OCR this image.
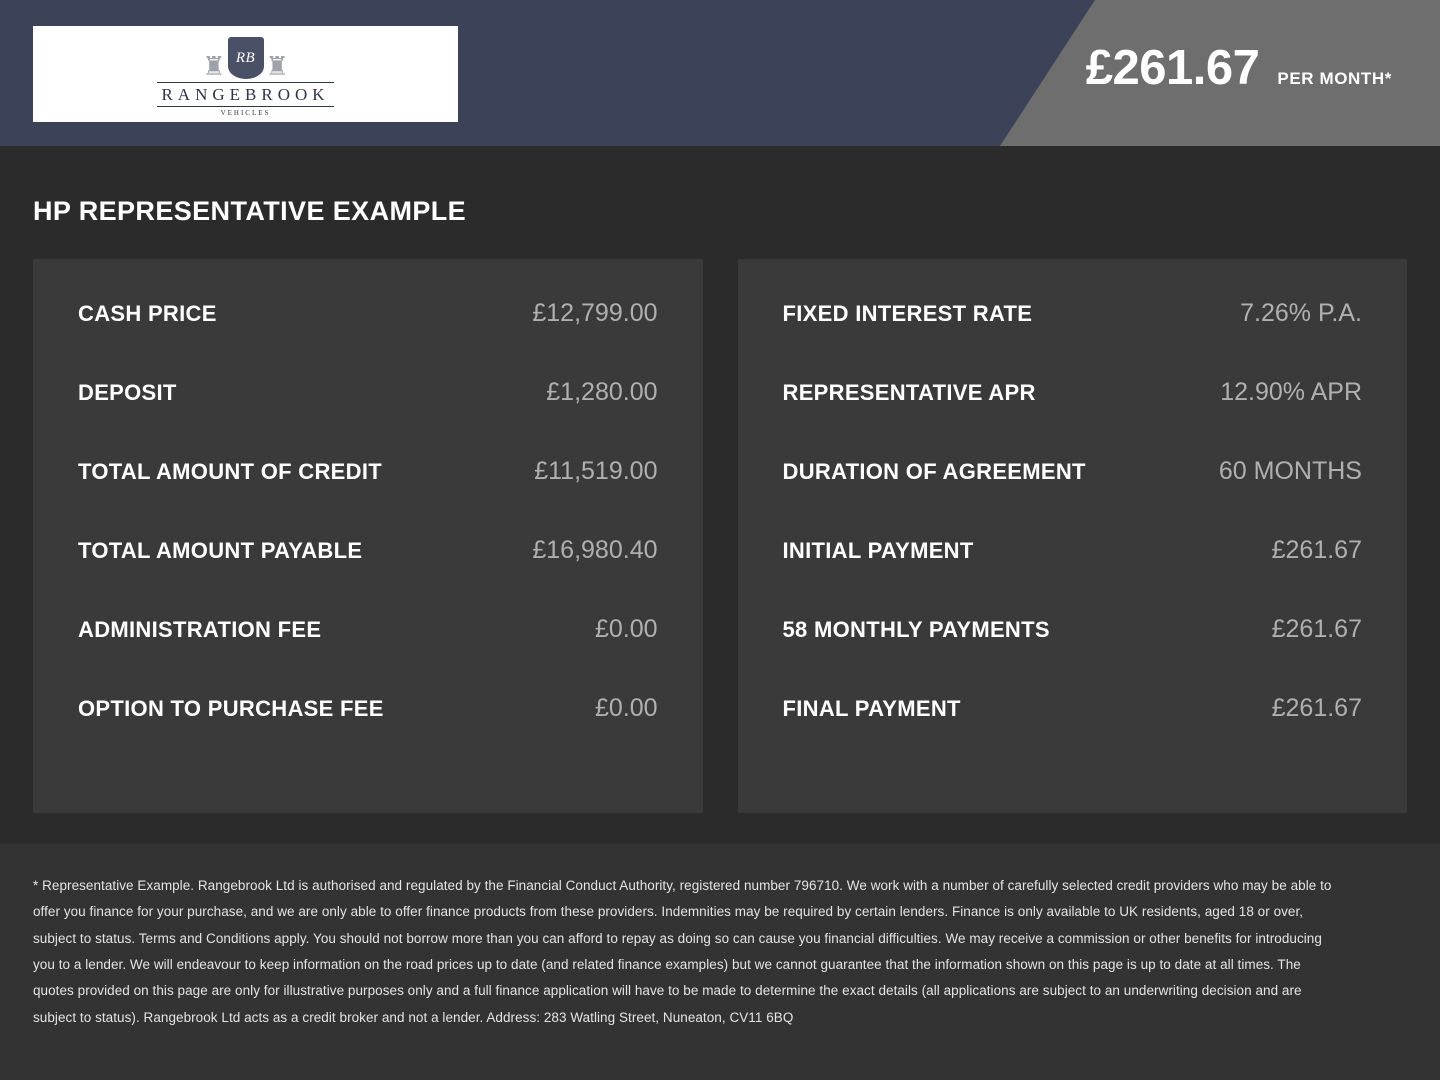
♜ RB ♜
RANGEBROOK
VEHICLES
£261.67 PER MONTH*
HP REPRESENTATIVE EXAMPLE
CASH PRICE	£12,799.00
DEPOSIT	£1,280.00
TOTAL AMOUNT OF CREDIT	£11,519.00
TOTAL AMOUNT PAYABLE	£16,980.40
ADMINISTRATION FEE	£0.00
OPTION TO PURCHASE FEE	£0.00
FIXED INTEREST RATE	7.26% P.A.
REPRESENTATIVE APR	12.90% APR
DURATION OF AGREEMENT	60 MONTHS
INITIAL PAYMENT	£261.67
58 MONTHLY PAYMENTS	£261.67
FINAL PAYMENT	£261.67

* Representative Example. Rangebrook Ltd is authorised and regulated by the Financial Conduct Authority, registered number 796710. We work with a number of carefully selected credit providers who may be able to offer you finance for your purchase, and we are only able to offer finance products from these providers. Indemnities may be required by certain lenders. Finance is only available to UK residents, aged 18 or over, subject to status. Terms and Conditions apply. You should not borrow more than you can afford to repay as doing so can cause you financial difficulties. We may receive a commission or other benefits for introducing you to a lender. We will endeavour to keep information on the road prices up to date (and related finance examples) but we cannot guarantee that the information shown on this page is up to date at all times. The quotes provided on this page are only for illustrative purposes only and a full finance application will have to be made to determine the exact details (all applications are subject to an underwriting decision and are subject to status). Rangebrook Ltd acts as a credit broker and not a lender. Address: 283 Watling Street, Nuneaton, CV11 6BQ
